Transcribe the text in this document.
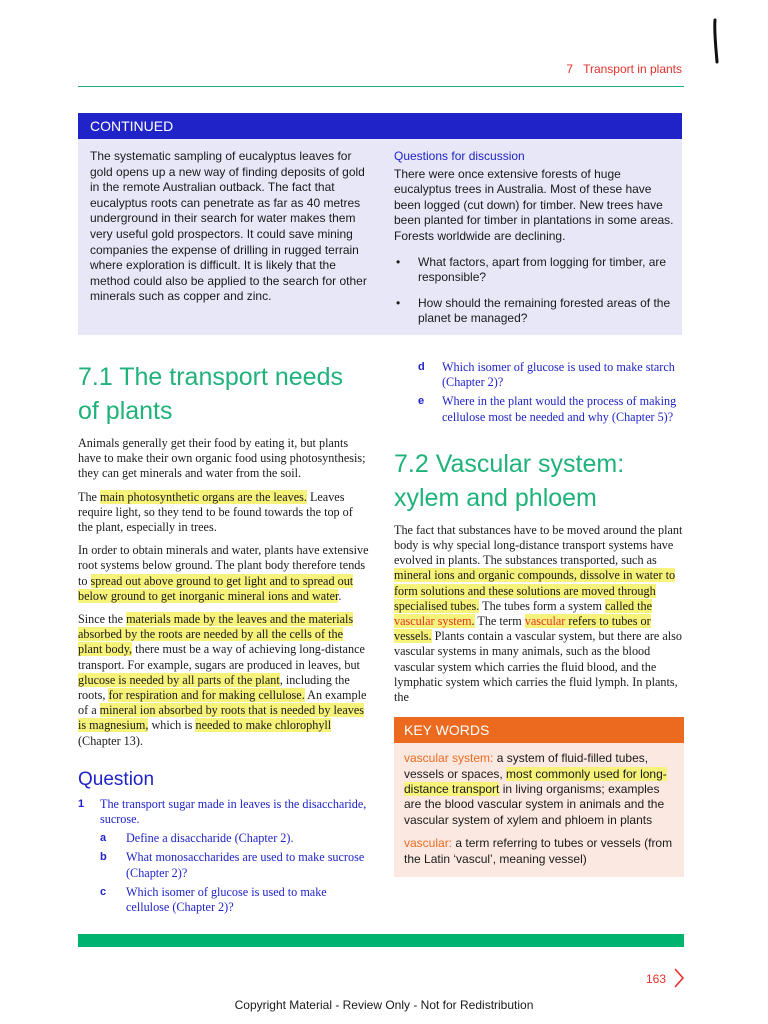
7 Transport in plants
CONTINUED
The systematic sampling of eucalyptus leaves for gold opens up a new way of finding deposits of gold in the remote Australian outback. The fact that eucalyptus roots can penetrate as far as 40 metres underground in their search for water makes them very useful gold prospectors. It could save mining companies the expense of drilling in rugged terrain where exploration is difficult. It is likely that the method could also be applied to the search for other minerals such as copper and zinc.
Questions for discussion
There were once extensive forests of huge eucalyptus trees in Australia. Most of these have been logged (cut down) for timber. New trees have been planted for timber in plantations in some areas. Forests worldwide are declining.
• What factors, apart from logging for timber, are responsible?
• How should the remaining forested areas of the planet be managed?
7.1 The transport needs
of plants

Animals generally get their food by eating it, but plants have to make their own organic food using photosynthesis; they can get minerals and water from the soil.

The main photosynthetic organs are the leaves. Leaves require light, so they tend to be found towards the top of the plant, especially in trees.

In order to obtain minerals and water, plants have extensive root systems below ground. The plant body therefore tends to spread out above ground to get light and to spread out below ground to get inorganic mineral ions and water.

Since the materials made by the leaves and the materials absorbed by the roots are needed by all the cells of the plant body, there must be a way of achieving long-distance transport. For example, sugars are produced in leaves, but glucose is needed by all parts of the plant, including the roots, for respiration and for making cellulose. An example of a mineral ion absorbed by roots that is needed by leaves is magnesium, which is needed to make chlorophyll (Chapter 13).

Question
1 The transport sugar made in leaves is the disaccharide, sucrose.
a Define a disaccharide (Chapter 2).
b What monosaccharides are used to make sucrose (Chapter 2)?
c Which isomer of glucose is used to make cellulose (Chapter 2)?
d Which isomer of glucose is used to make starch (Chapter 2)?
e Where in the plant would the process of making cellulose most be needed and why (Chapter 5)?
7.2 Vascular system:
xylem and phloem

The fact that substances have to be moved around the plant body is why special long-distance transport systems have evolved in plants. The substances transported, such as mineral ions and organic compounds, dissolve in water to form solutions and these solutions are moved through specialised tubes. The tubes form a system called the vascular system. The term vascular refers to tubes or vessels. Plants contain a vascular system, but there are also vascular systems in many animals, such as the blood vascular system which carries the fluid blood, and the lymphatic system which carries the fluid lymph. In plants, the

KEY WORDS
vascular system: a system of fluid-filled tubes, vessels or spaces, most commonly used for long-distance transport in living organisms; examples are the blood vascular system in animals and the vascular system of xylem and phloem in plants
vascular: a term referring to tubes or vessels (from the Latin ‘vascul’, meaning vessel)
163
Copyright Material - Review Only - Not for Redistribution
